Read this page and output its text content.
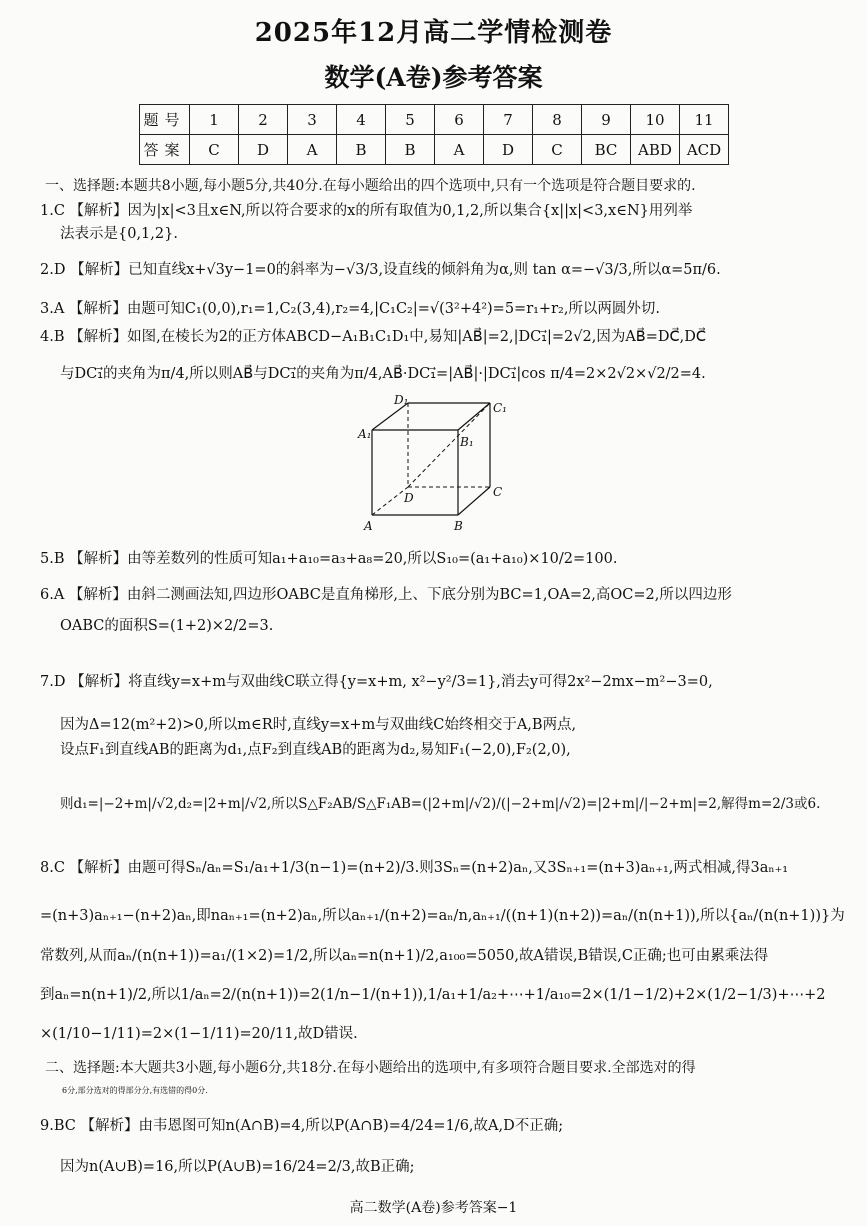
2025年12月高二学情检测卷
数学(A卷)参考答案
题号	1	2	3	4	5	6	7	8	9	10	11
答案	C	D	A	B	B	A	D	C	BC	ABD	ACD
一、选择题:本题共8小题,每小题5分,共40分.在每小题给出的四个选项中,只有一个选项是符合题目要求的.
1.C 【解析】因为|x|<3且x∈N,所以符合要求的x的所有取值为0,1,2,所以集合{x||x|<3,x∈N}用列举
法表示是{0,1,2}.
2.D 【解析】已知直线x+√3y−1=0的斜率为−√3/3,设直线的倾斜角为α,则 tan α=−√3/3,所以α=5π/6.
3.A 【解析】由题可知C₁(0,0),r₁=1,C₂(3,4),r₂=4,|C₁C₂|=√(3²+4²)=5=r₁+r₂,所以两圆外切.
4.B 【解析】如图,在棱长为2的正方体ABCD−A₁B₁C₁D₁中,易知|AB⃗|=2,|DC₁⃗|=2√2,因为AB⃗=DC⃗,DC⃗
与DC₁⃗的夹角为π/4,所以则AB⃗与DC₁⃗的夹角为π/4,AB⃗·DC₁⃗=|AB⃗|·|DC₁⃗|cos π/4=2×2√2×√2/2=4.
D₁
C₁
A₁
B₁
D	C
A	B
5.B 【解析】由等差数列的性质可知a₁+a₁₀=a₃+a₈=20,所以S₁₀=(a₁+a₁₀)×10/2=100.
6.A 【解析】由斜二测画法知,四边形OABC是直角梯形,上、下底分别为BC=1,OA=2,高OC=2,所以四边形
OABC的面积S=(1+2)×2/2=3.
7.D 【解析】将直线y=x+m与双曲线C联立得{y=x+m, x²−y²/3=1},消去y可得2x²−2mx−m²−3=0,
因为Δ=12(m²+2)>0,所以m∈R时,直线y=x+m与双曲线C始终相交于A,B两点,
设点F₁到直线AB的距离为d₁,点F₂到直线AB的距离为d₂,易知F₁(−2,0),F₂(2,0),
则d₁=|−2+m|/√2,d₂=|2+m|/√2,所以S△F₂AB/S△F₁AB=(|2+m|/√2)/(|−2+m|/√2)=|2+m|/|−2+m|=2,解得m=2/3或6.
8.C 【解析】由题可得Sₙ/aₙ=S₁/a₁+1/3(n−1)=(n+2)/3.则3Sₙ=(n+2)aₙ,又3Sₙ₊₁=(n+3)aₙ₊₁,两式相减,得3aₙ₊₁
=(n+3)aₙ₊₁−(n+2)aₙ,即naₙ₊₁=(n+2)aₙ,所以aₙ₊₁/(n+2)=aₙ/n,aₙ₊₁/((n+1)(n+2))=aₙ/(n(n+1)),所以{aₙ/(n(n+1))}为
常数列,从而aₙ/(n(n+1))=a₁/(1×2)=1/2,所以aₙ=n(n+1)/2,a₁₀₀=5050,故A错误,B错误,C正确;也可由累乘法得
到aₙ=n(n+1)/2,所以1/aₙ=2/(n(n+1))=2(1/n−1/(n+1)),1/a₁+1/a₂+⋯+1/a₁₀=2×(1/1−1/2)+2×(1/2−1/3)+⋯+2
×(1/10−1/11)=2×(1−1/11)=20/11,故D错误.
二、选择题:本大题共3小题,每小题6分,共18分.在每小题给出的选项中,有多项符合题目要求.全部选对的得
6分,部分选对的得部分分,有选错的得0分.
9.BC 【解析】由韦恩图可知n(A∩B)=4,所以P(A∩B)=4/24=1/6,故A,D不正确;
因为n(A∪B)=16,所以P(A∪B)=16/24=2/3,故B正确;
高二数学(A卷)参考答案−1
